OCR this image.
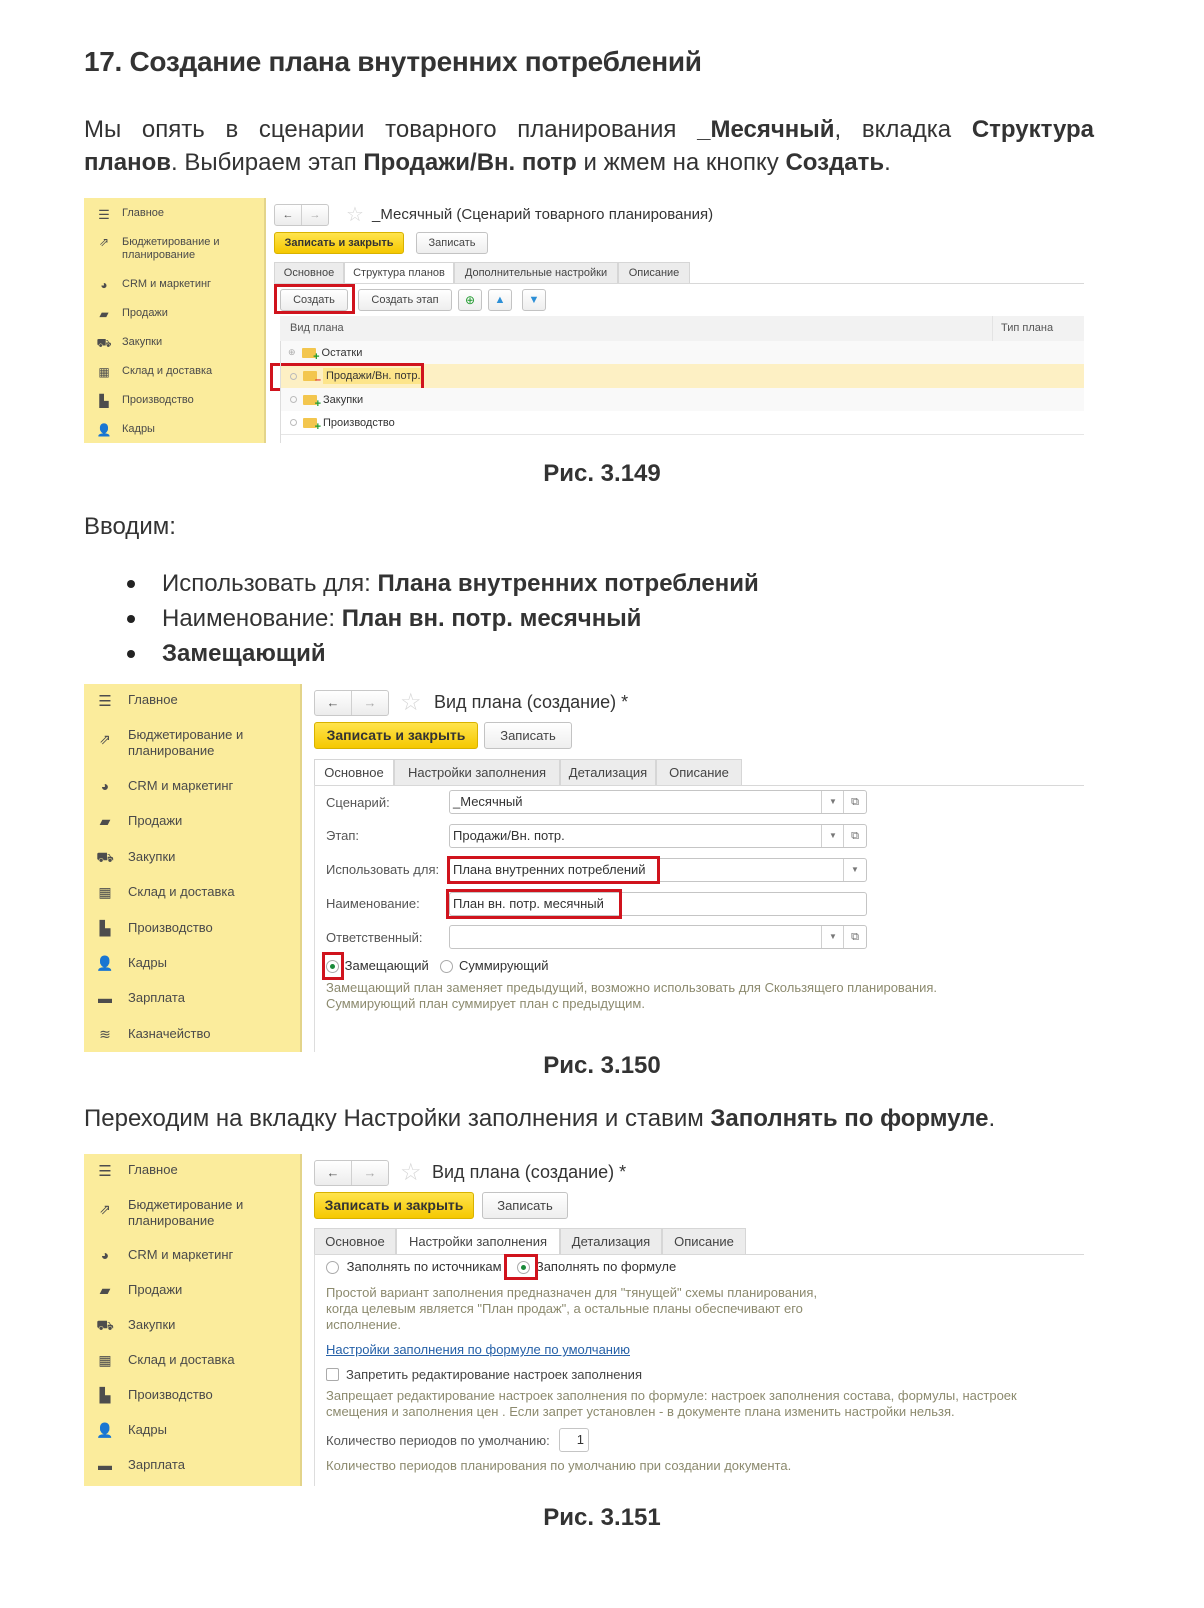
17. Создание плана внутренних потреблений
Мы опять в сценарии товарного планирования _Месячный, вкладка Структура
планов. Выбираем этап Продажи/Вн. потр и жмем на кнопку Создать.
☰ Главное
⇗ Бюджетирование и
планирование
◕	CRM и маркетинг
▰	Продажи
⛟ Закупки
▦ Склад и доставка
▙	Производство
👤 Кадры
←	→	☆ _Месячный (Сценарий товарного планирования)
Записать и закрыть	Записать
Основное	Структура планов	Дополнительные настройки	Описание
Создать	Создать этап	⊕	▲	▼
Вид плана	Тип плана
⊕ + Остатки
–
Продажи/Вн. потр.
+
Закупки
+
Производство
Рис. 3.149
Вводим:
Использовать для: Плана внутренних потреблений
Наименование: План вн. потр. месячный
Замещающий
☰ Главное
⇗ Бюджетирование и
планирование
◕	CRM и маркетинг
▰ Продажи
⛟ Закупки
▦ Склад и доставка
▙ Производство
👤 Кадры
▬ Зарплата
≋ Казначейство
←	→ ☆ Вид плана (создание) *
Записать и закрыть	Записать
Основное	Настройки заполнения	Детализация	Описание
Сценарий:	_Месячный	▼	⧉
Этап:	Продажи/Вн. потр.	▼	⧉
Использовать для:	Плана внутренних потреблений	▼
Наименование:	План вн. потр. месячный
Ответственный:	▼	⧉
Замещающий Суммирующий
Замещающий план заменяет предыдущий, возможно использовать для Скользящего планирования.
Суммирующий план суммирует план с предыдущим.
Рис. 3.150
Переходим на вкладку Настройки заполнения и ставим Заполнять по формуле.
☰ Главное
⇗ Бюджетирование и
планирование
◕	CRM и маркетинг
▰ Продажи
⛟ Закупки
▦ Склад и доставка
▙ Производство
👤 Кадры
▬ Зарплата
←	→ ☆ Вид плана (создание) *
Записать и закрыть	Записать
Основное	Настройки заполнения	Детализация	Описание
Заполнять по источникам	Заполнять по формуле
Простой вариант заполнения предназначен для "тянущей" схемы планирования,
когда целевым является "План продаж", а остальные планы обеспечивают его
исполнение.
Настройки заполнения по формуле по умолчанию
Запретить редактирование настроек заполнения
Запрещает редактирование настроек заполнения по формуле: настроек заполнения состава, формулы, настроек
смещения и заполнения цен . Если запрет установлен - в документе плана изменить настройки нельзя.
Количество периодов по умолчанию:	1
Количество периодов планирования по умолчанию при создании документа.
Рис. 3.151
